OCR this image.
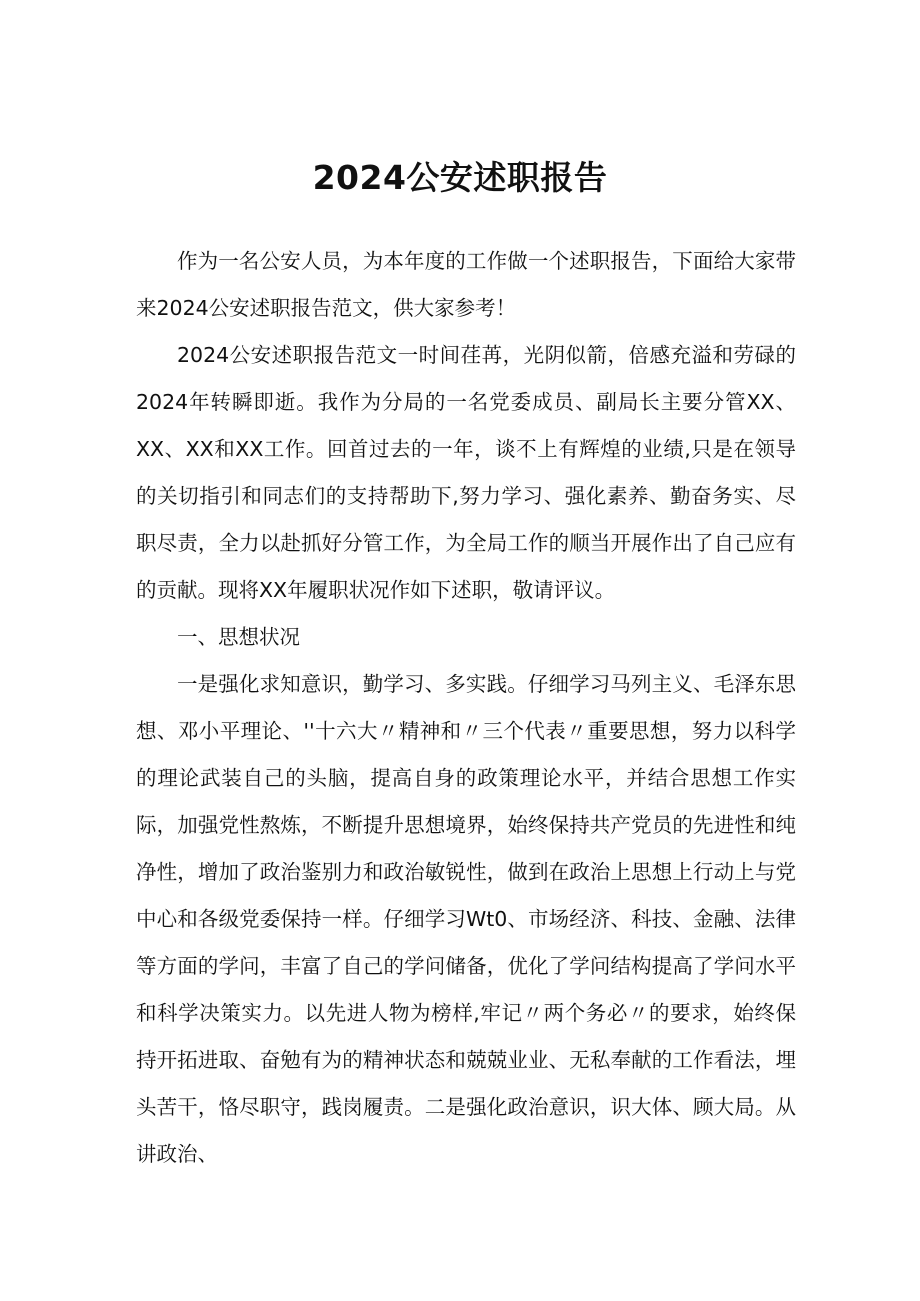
2024公安述职报告

作为一名公安人员，为本年度的工作做一个述职报告，下面给大家带来2024公安述职报告范文，供大家参考！

2024公安述职报告范文一时间荏苒，光阴似箭，倍感充溢和劳碌的2024年转瞬即逝。我作为分局的一名党委成员、副局长主要分管XX、XX、XX和XX工作。回首过去的一年，谈不上有辉煌的业绩,只是在领导的关切指引和同志们的支持帮助下,努力学习、强化素养、勤奋务实、尽职尽责，全力以赴抓好分管工作，为全局工作的顺当开展作出了自己应有的贡献。现将XX年履职状况作如下述职，敬请评议。

一、思想状况

一是强化求知意识，勤学习、多实践。仔细学习马列主义、毛泽东思想、邓小平理论、''十六大〃精神和〃三个代表〃重要思想，努力以科学的理论武装自己的头脑，提高自身的政策理论水平，并结合思想工作实际，加强党性熬炼，不断提升思想境界，始终保持共产党员的先进性和纯净性，增加了政治鉴别力和政治敏锐性，做到在政治上思想上行动上与党中心和各级党委保持一样。仔细学习Wt0、市场经济、科技、金融、法律等方面的学问，丰富了自己的学问储备，优化了学问结构提高了学问水平和科学决策实力。以先进人物为榜样,牢记〃两个务必〃的要求，始终保持开拓进取、奋勉有为的精神状态和兢兢业业、无私奉献的工作看法，埋头苦干，恪尽职守，践岗履责。二是强化政治意识，识大体、顾大局。从讲政治、
